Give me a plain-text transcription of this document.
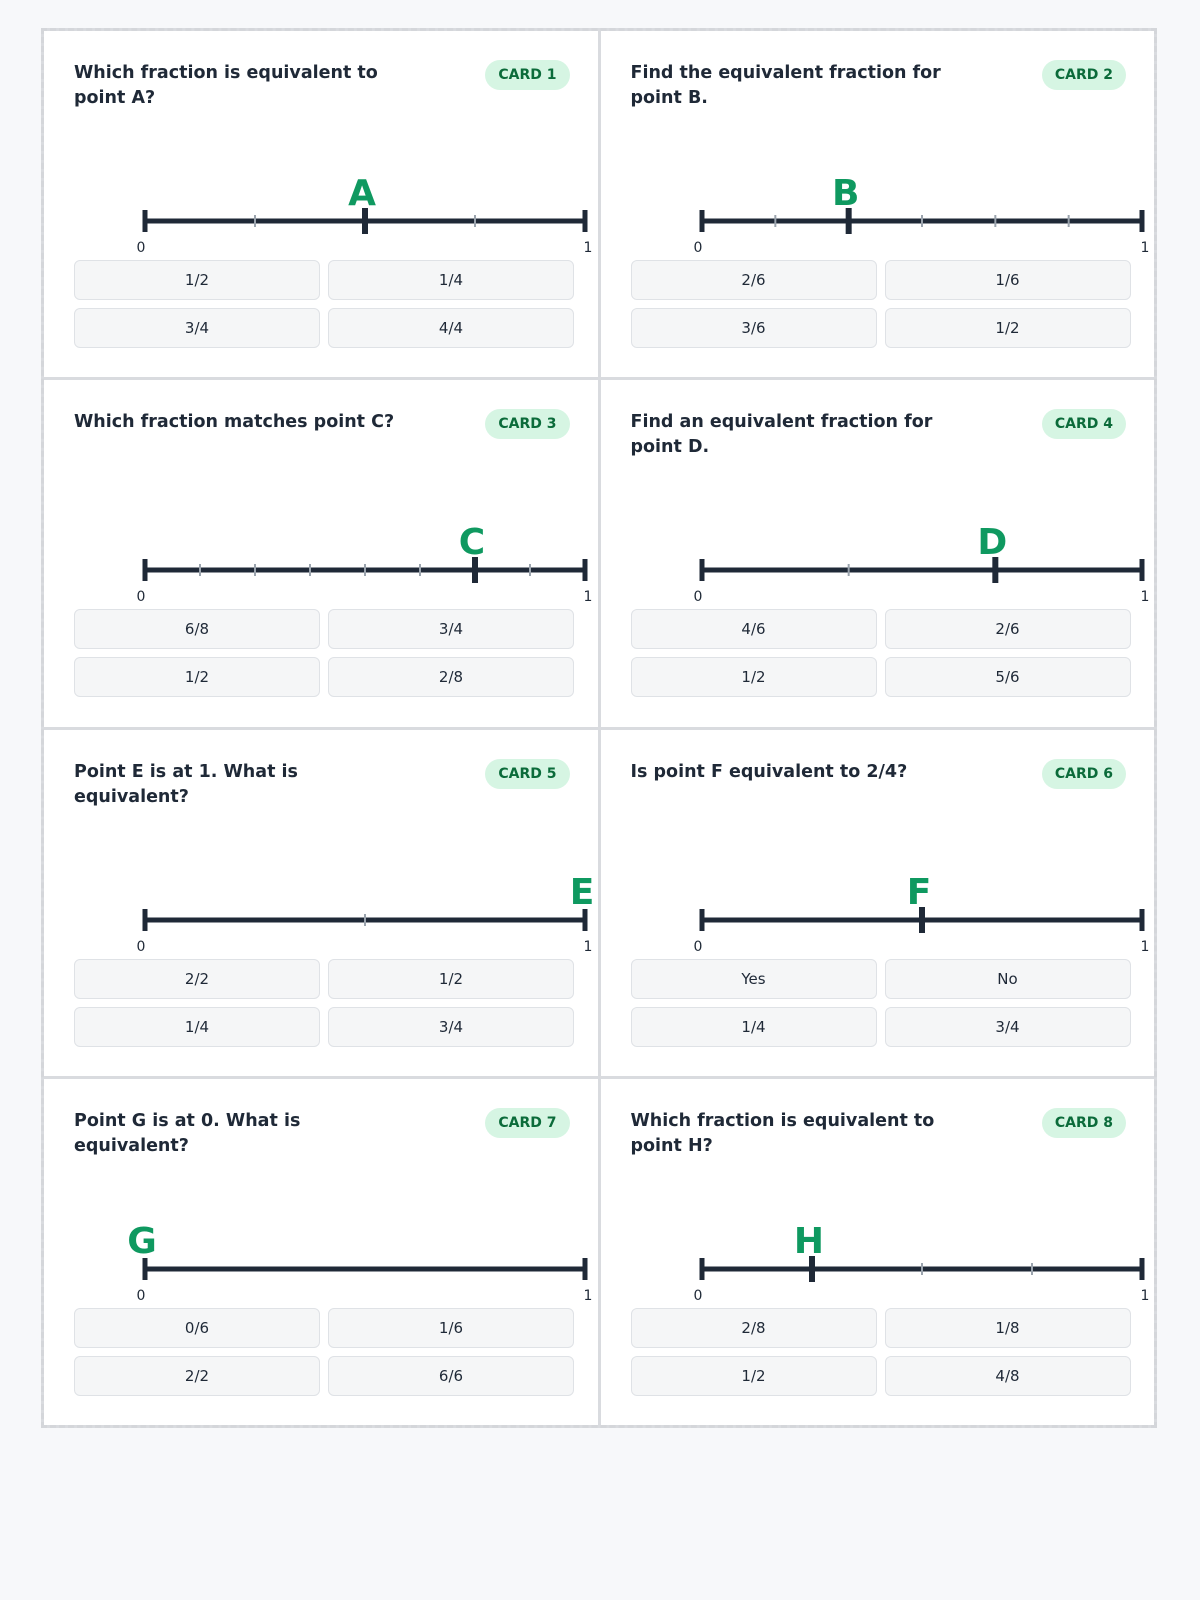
Which fraction is equivalent to point A?
CARD 1
A
0	1
1/2	1/4
3/4	4/4
Find the equivalent fraction for point B.
CARD 2
B
0	1
2/6	1/6
3/6	1/2
Which fraction matches point C?	CARD 3
C
0	1
6/8	3/4
1/2	2/8
Find an equivalent fraction for point D.
CARD 4
D
0	1
4/6	2/6
1/2	5/6
Point E is at 1. What is equivalent?
CARD 5
E
0	1
2/2	1/2
1/4	3/4
Is point F equivalent to 2/4?	CARD 6
F
0	1
Yes	No
1/4	3/4
Point G is at 0. What is equivalent?
CARD 7
G
0	1
0/6	1/6
2/2	6/6
Which fraction is equivalent to point H?
CARD 8
H
0	1
2/8	1/8
1/2	4/8
